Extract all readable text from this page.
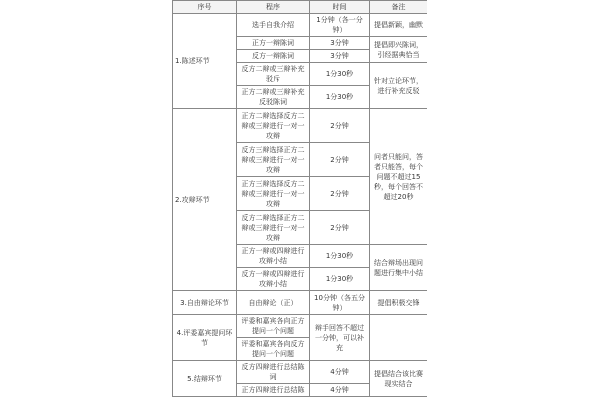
序号	程序	时间	备注
1.陈述环节	选手自我介绍	1分钟（各一分钟）	提倡新颖，幽默
	正方一辩陈词	3分钟	提倡即兴陈词，引经据典恰当
	反方一辩陈词	3分钟	
	反方二辩或三辩补充驳斥	1分30秒	针对立论环节，进行补充反驳
	正方二辩或三辩补充反驳陈词	1分30秒	
2.攻辩环节	正方二辩选择反方二辩或三辩进行一对一攻辩	2分钟	问者只能问，答者只能答，每个问题不超过15秒，每个回答不超过20秒
	反方三辩选择正方二辩或三辩进行一对一攻辩	2分钟	
	正方三辩选择反方二辩或三辩进行一对一攻辩	2分钟	
	反方二辩选择正方二辩或三辩进行一对一攻辩	2分钟	
	正方一辩或四辩进行攻辩小结	1分30秒	结合辩场出现问题进行集中小结
	反方一辩或四辩进行攻辩小结	1分30秒	
3.自由辩论环节	自由辩论（正）	10分钟（各五分钟）	提倡积极交锋
4.评委嘉宾提问环节	评委和嘉宾各向正方提问一个问题	辩手回答不超过一分钟，可以补充	
	评委和嘉宾各向反方提问一个问题		
5.结辩环节	反方四辩进行总结陈词	4分钟	提倡结合该比赛现实结合
	正方四辩进行总结陈	4分钟	
